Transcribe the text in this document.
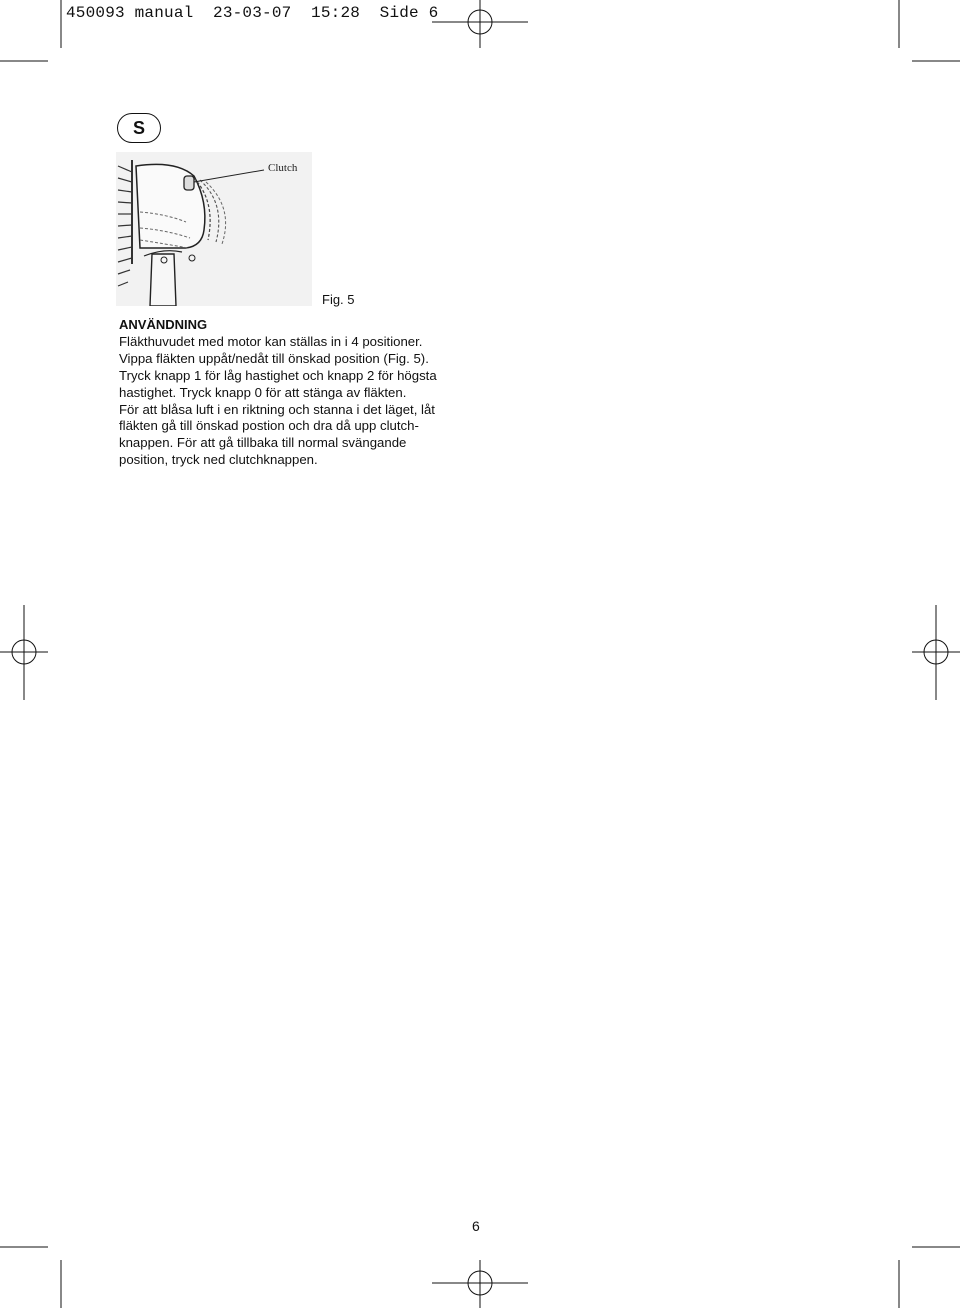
450093 manual  23-03-07  15:28  Side 6
S
Clutch
Fig. 5
ANVÄNDNING
Fläkthuvudet med motor kan ställas in i 4 positioner.
Vippa fläkten uppåt/nedåt till önskad position (Fig. 5).
Tryck knapp 1 för låg hastighet och knapp 2 för högsta
hastighet. Tryck knapp 0 för att stänga av fläkten.
För att blåsa luft i en riktning och stanna i det läget, låt
fläkten gå till önskad postion och dra då upp clutch-
knappen. För att gå tillbaka till normal svängande
position, tryck ned clutchknappen.
6
